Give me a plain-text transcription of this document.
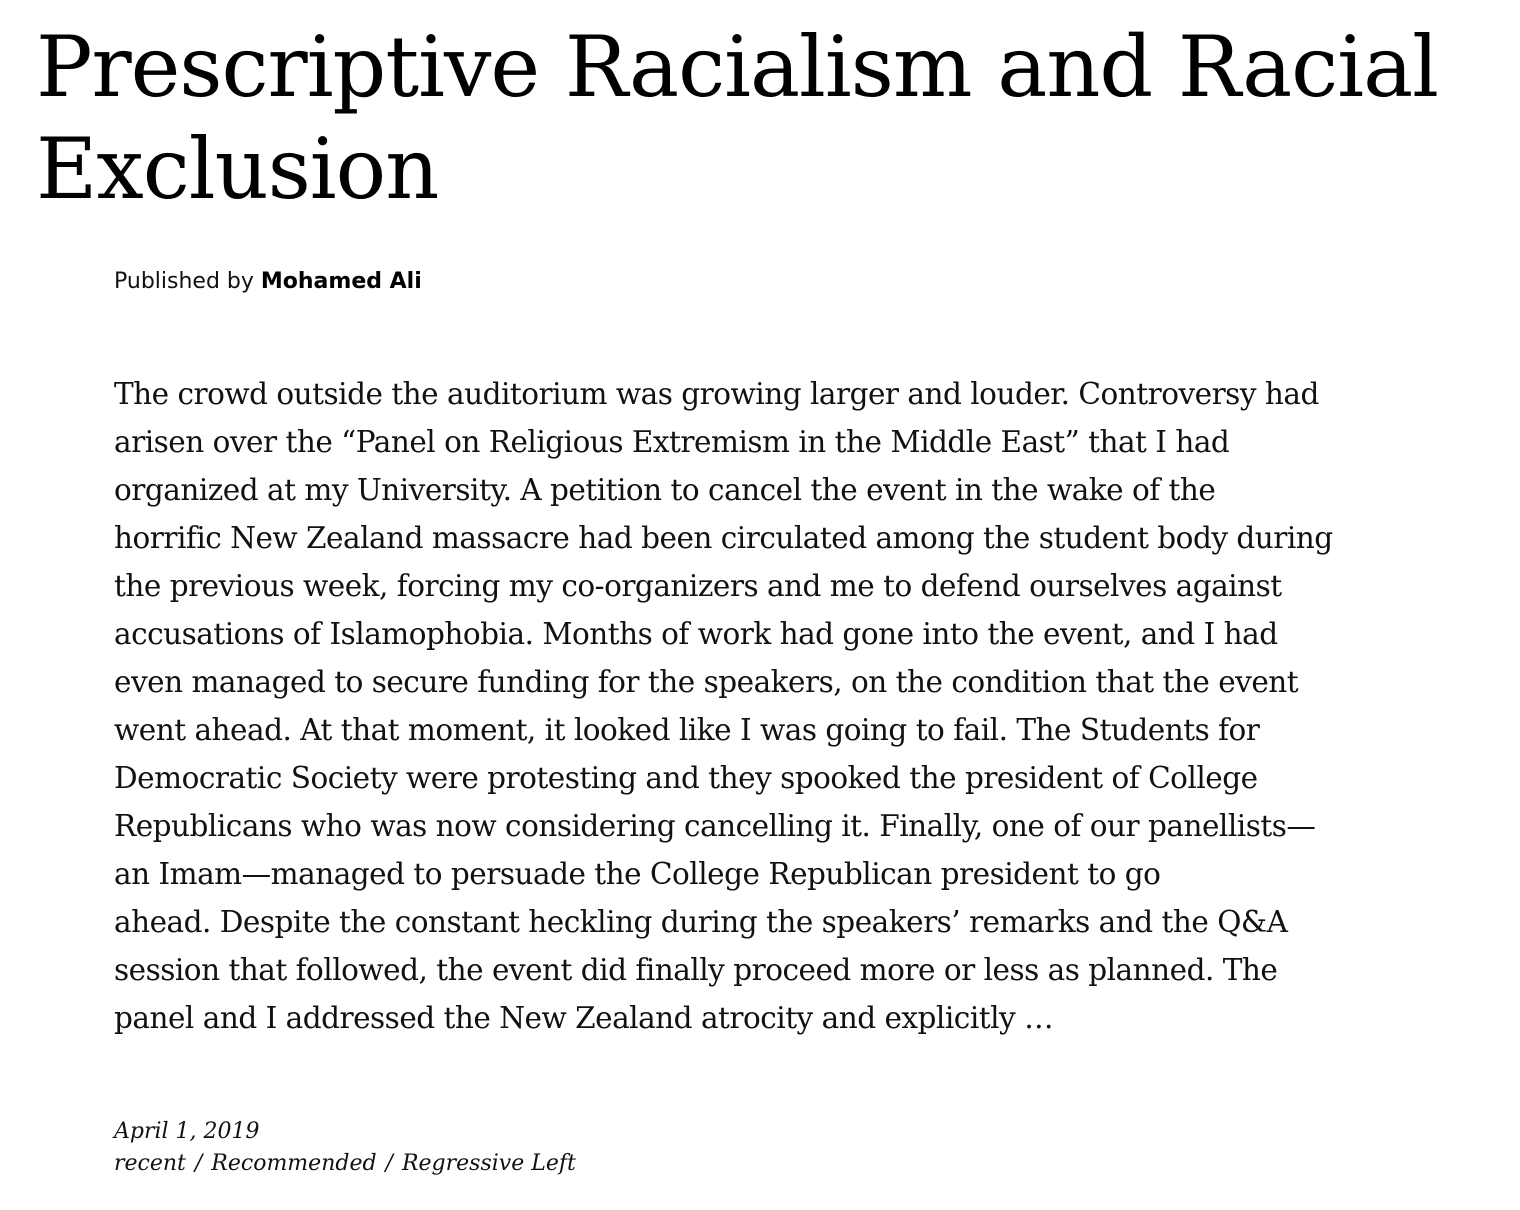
Prescriptive Racialism and Racial Exclusion
Published by Mohamed Ali
The crowd outside the auditorium was growing larger and louder. Controversy had
arisen over the “Panel on Religious Extremism in the Middle East” that I had
organized at my University. A petition to cancel the event in the wake of the
horrific New Zealand massacre had been circulated among the student body during
the previous week, forcing my co-organizers and me to defend ourselves against
accusations of Islamophobia. Months of work had gone into the event, and I had
even managed to secure funding for the speakers, on the condition that the event
went ahead. At that moment, it looked like I was going to fail. The Students for
Democratic Society were protesting and they spooked the president of College
Republicans who was now considering cancelling it. Finally, one of our panellists—
an Imam—managed to persuade the College Republican president to go
ahead. Despite the constant heckling during the speakers’ remarks and the Q&A
session that followed, the event did finally proceed more or less as planned. The
panel and I addressed the New Zealand atrocity and explicitly …
April 1, 2019
recent / Recommended / Regressive Left
